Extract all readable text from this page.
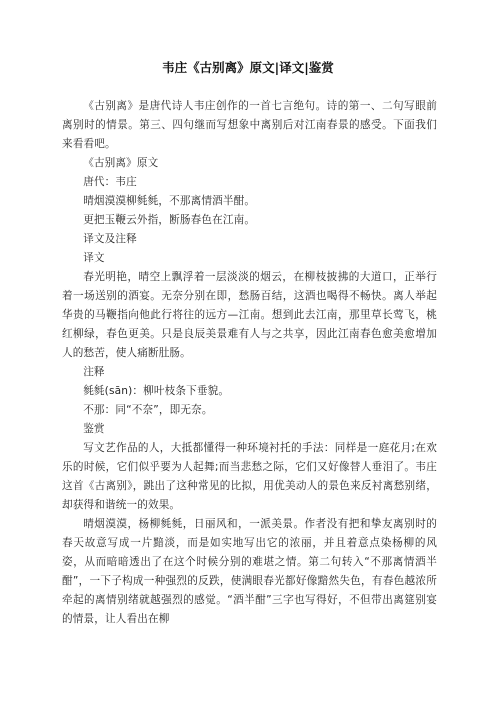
韦庄《古别离》原文|译文|鉴赏

《古别离》是唐代诗人韦庄创作的一首七言绝句。诗的第一、二句写眼前离别时的情景。第三、四句继而写想象中离别后对江南春景的感受。下面我们来看看吧。

《古别离》原文

唐代：韦庄

晴烟漠漠柳毵毵，不那离情酒半酣。

更把玉鞭云外指，断肠春色在江南。

译文及注释

译文

春光明艳，晴空上飘浮着一层淡淡的烟云，在柳枝披拂的大道口，正举行着一场送别的酒宴。无奈分别在即，愁肠百结，这酒也喝得不畅快。离人举起华贵的马鞭指向他此行将往的远方—江南。想到此去江南，那里草长莺飞，桃红柳绿，春色更美。只是良辰美景难有人与之共享，因此江南春色愈美愈增加人的愁苦，使人痛断肚肠。

注释

毵毵(sān)：柳叶枝条下垂貌。

不那：同“不奈”，即无奈。

鉴赏

写文艺作品的人，大抵都懂得一种环境衬托的手法：同样是一庭花月;在欢乐的时候，它们似乎要为人起舞;而当悲愁之际，它们又好像替人垂泪了。韦庄这首《古离别》，跳出了这种常见的比拟，用优美动人的景色来反衬离愁别绪，却获得和谐统一的效果。

晴烟漠漠，杨柳毵毵，日丽风和，一派美景。作者没有把和挚友离别时的春天故意写成一片黯淡，而是如实地写出它的浓丽，并且着意点染杨柳的风姿，从而暗暗透出了在这个时候分别的难堪之情。第二句转入“不那离情酒半酣”，一下子构成一种强烈的反跌，使满眼春光都好像黯然失色，有春色越浓所牵起的离情别绪就越强烈的感觉。“酒半酣”三字也写得好，不但带出离筵别宴的情景，让人看出在柳
